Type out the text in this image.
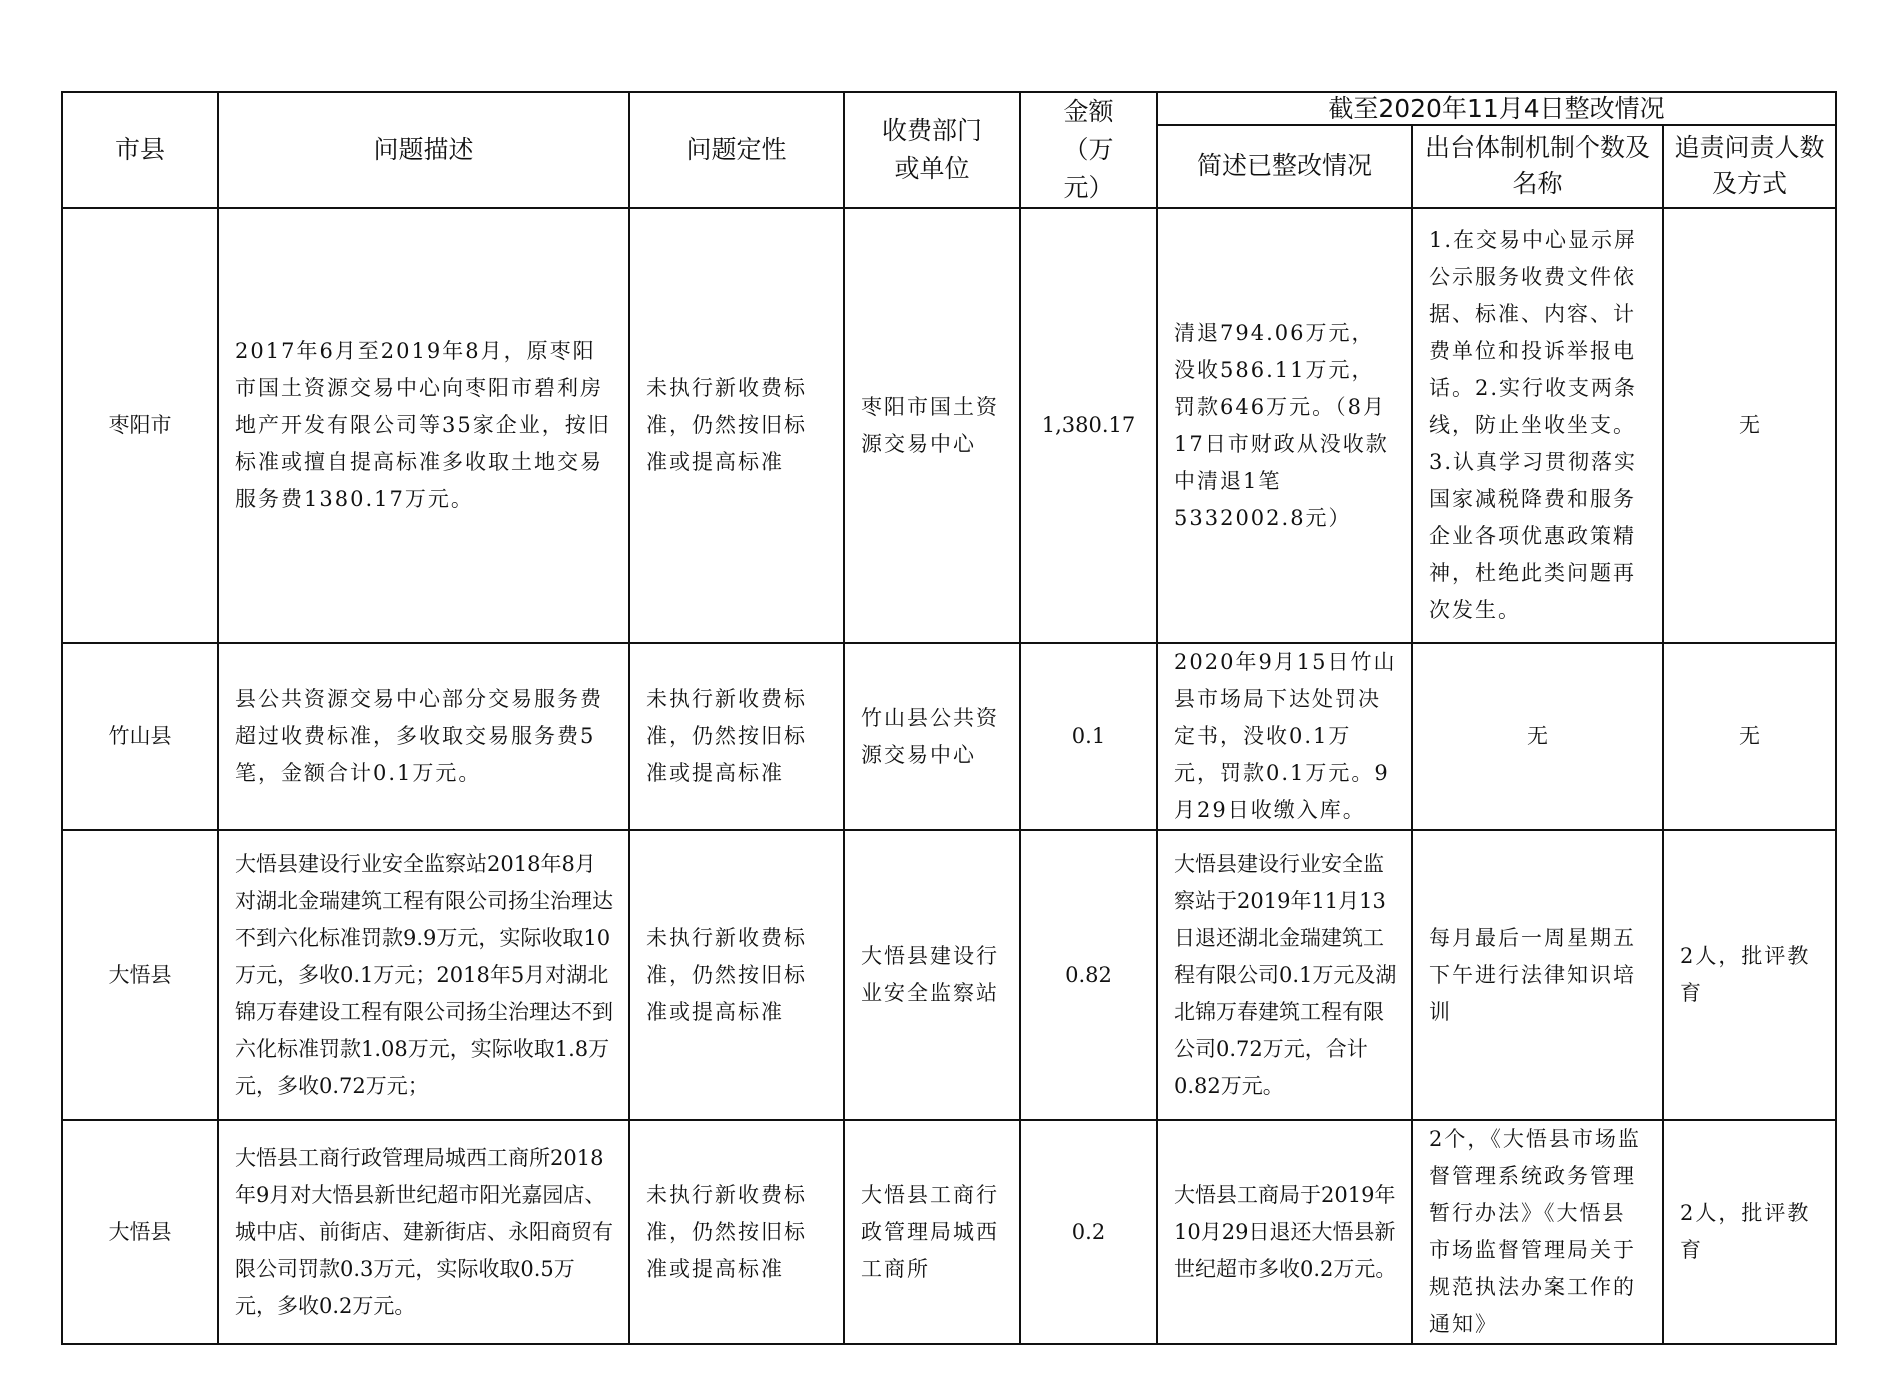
市县	问题描述	问题定性	收费部门或单位	金额（万元）	截至2020年11月4日整改情况		
					简述已整改情况	出台体制机制个数及名称	追责问责人数及方式
枣阳市	2017年6月至2019年8月，原枣阳市国土资源交易中心向枣阳市碧利房地产开发有限公司等35家企业，按旧标准或擅自提高标准多收取土地交易服务费1380.17万元。	未执行新收费标准，仍然按旧标准或提高标准	枣阳市国土资源交易中心	1,380.17	清退794.06万元，没收586.11万元，罚款646万元。（8月17日市财政从没收款中清退1笔5332002.8元）	1.在交易中心显示屏公示服务收费文件依据、标准、内容、计费单位和投诉举报电话。2.实行收支两条线，防止坐收坐支。3.认真学习贯彻落实国家减税降费和服务企业各项优惠政策精神，杜绝此类问题再次发生。	无
竹山县	县公共资源交易中心部分交易服务费超过收费标准，多收取交易服务费5笔，金额合计0.1万元。	未执行新收费标准，仍然按旧标准或提高标准	竹山县公共资源交易中心	0.1	2020年9月15日竹山县市场局下达处罚决定书，没收0.1万元，罚款0.1万元。9月29日收缴入库。	无	无
大悟县	大悟县建设行业安全监察站2018年8月对湖北金瑞建筑工程有限公司扬尘治理达不到六化标准罚款9.9万元，实际收取10万元，多收0.1万元；2018年5月对湖北锦万春建设工程有限公司扬尘治理达不到六化标准罚款1.08万元，实际收取1.8万元，多收0.72万元；	未执行新收费标准，仍然按旧标准或提高标准	大悟县建设行业安全监察站	0.82	大悟县建设行业安全监察站于2019年11月13日退还湖北金瑞建筑工程有限公司0.1万元及湖北锦万春建筑工程有限公司0.72万元，合计0.82万元。	每月最后一周星期五下午进行法律知识培训	2人，批评教育
大悟县	大悟县工商行政管理局城西工商所2018年9月对大悟县新世纪超市阳光嘉园店、城中店、前街店、建新街店、永阳商贸有限公司罚款0.3万元，实际收取0.5万元，多收0.2万元。	未执行新收费标准，仍然按旧标准或提高标准	大悟县工商行政管理局城西工商所	0.2	大悟县工商局于2019年10月29日退还大悟县新世纪超市多收0.2万元。	2个，《大悟县市场监督管理系统政务管理暂行办法》《大悟县市场监督管理局关于规范执法办案工作的通知》	2人，批评教育
